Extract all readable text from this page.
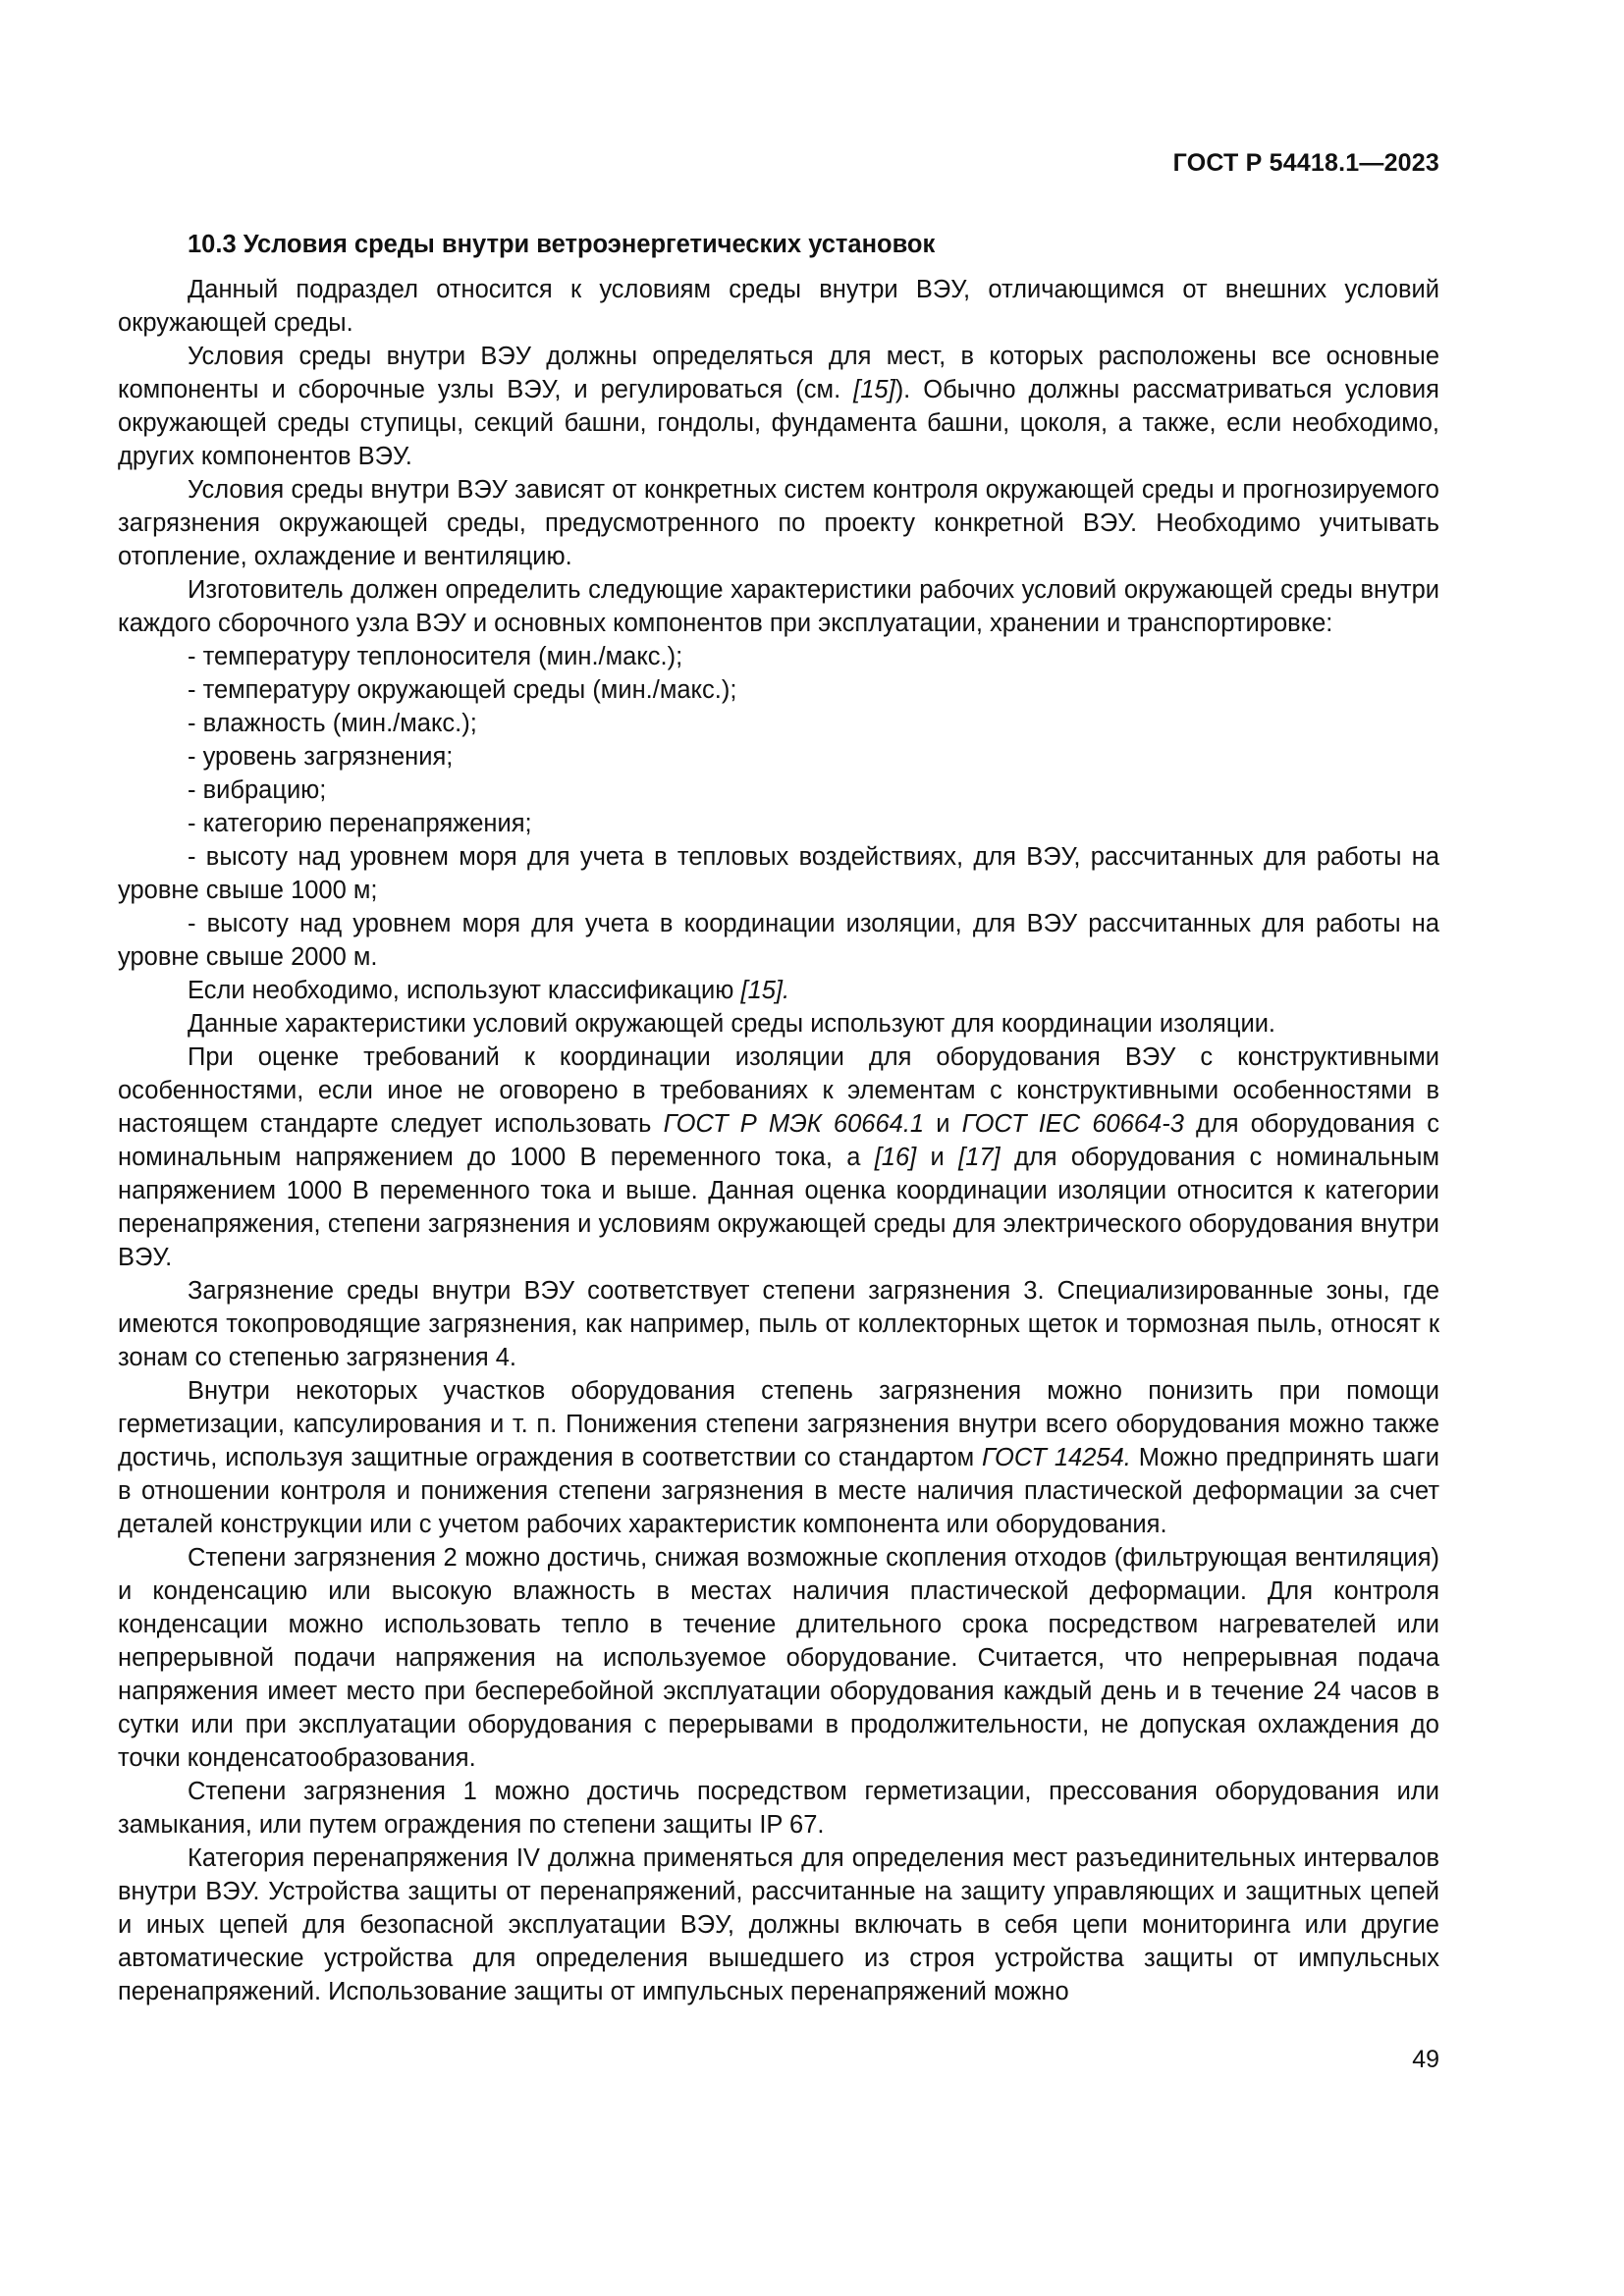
ГОСТ Р 54418.1—2023
10.3 Условия среды внутри ветроэнергетических установок

Данный подраздел относится к условиям среды внутри ВЭУ, отличающимся от внешних условий окружающей среды.

Условия среды внутри ВЭУ должны определяться для мест, в которых расположены все основные компоненты и сборочные узлы ВЭУ, и регулироваться (см. [15]). Обычно должны рассматриваться условия окружающей среды ступицы, секций башни, гондолы, фундамента башни, цоколя, а также, если необходимо, других компонентов ВЭУ.

Условия среды внутри ВЭУ зависят от конкретных систем контроля окружающей среды и прогнозируемого загрязнения окружающей среды, предусмотренного по проекту конкретной ВЭУ. Необходимо учитывать отопление, охлаждение и вентиляцию.

Изготовитель должен определить следующие характеристики рабочих условий окружающей среды внутри каждого сборочного узла ВЭУ и основных компонентов при эксплуатации, хранении и транспортировке:

- температуру теплоносителя (мин./макс.);
- температуру окружающей среды (мин./макс.);
- влажность (мин./макс.);
- уровень загрязнения;
- вибрацию;
- категорию перенапряжения;
- высоту над уровнем моря для учета в тепловых воздействиях, для ВЭУ, рассчитанных для работы на уровне свыше 1000 м;
- высоту над уровнем моря для учета в координации изоляции, для ВЭУ рассчитанных для работы на уровне свыше 2000 м.

Если необходимо, используют классификацию [15].

Данные характеристики условий окружающей среды используют для координации изоляции.

При оценке требований к координации изоляции для оборудования ВЭУ с конструктивными особенностями, если иное не оговорено в требованиях к элементам с конструктивными особенностями в настоящем стандарте следует использовать ГОСТ Р МЭК 60664.1 и ГОСТ IEC 60664-3 для оборудования с номинальным напряжением до 1000 В переменного тока, а [16] и [17] для оборудования с номинальным напряжением 1000 В переменного тока и выше. Данная оценка координации изоляции относится к категории перенапряжения, степени загрязнения и условиям окружающей среды для электрического оборудования внутри ВЭУ.

Загрязнение среды внутри ВЭУ соответствует степени загрязнения 3. Специализированные зоны, где имеются токопроводящие загрязнения, как например, пыль от коллекторных щеток и тормозная пыль, относят к зонам со степенью загрязнения 4.

Внутри некоторых участков оборудования степень загрязнения можно понизить при помощи герметизации, капсулирования и т. п. Понижения степени загрязнения внутри всего оборудования можно также достичь, используя защитные ограждения в соответствии со стандартом ГОСТ 14254. Можно предпринять шаги в отношении контроля и понижения степени загрязнения в месте наличия пластической деформации за счет деталей конструкции или с учетом рабочих характеристик компонента или оборудования.

Степени загрязнения 2 можно достичь, снижая возможные скопления отходов (фильтрующая вентиляция) и конденсацию или высокую влажность в местах наличия пластической деформации. Для контроля конденсации можно использовать тепло в течение длительного срока посредством нагревателей или непрерывной подачи напряжения на используемое оборудование. Считается, что непрерывная подача напряжения имеет место при бесперебойной эксплуатации оборудования каждый день и в течение 24 часов в сутки или при эксплуатации оборудования с перерывами в продолжительности, не допуская охлаждения до точки конденсатообразования.

Степени загрязнения 1 можно достичь посредством герметизации, прессования оборудования или замыкания, или путем ограждения по степени защиты IP 67.

Категория перенапряжения IV должна применяться для определения мест разъединительных интервалов внутри ВЭУ. Устройства защиты от перенапряжений, рассчитанные на защиту управляющих и защитных цепей и иных цепей для безопасной эксплуатации ВЭУ, должны включать в себя цепи мониторинга или другие автоматические устройства для определения вышедшего из строя устройства защиты от импульсных перенапряжений. Использование защиты от импульсных перенапряжений можно

49
